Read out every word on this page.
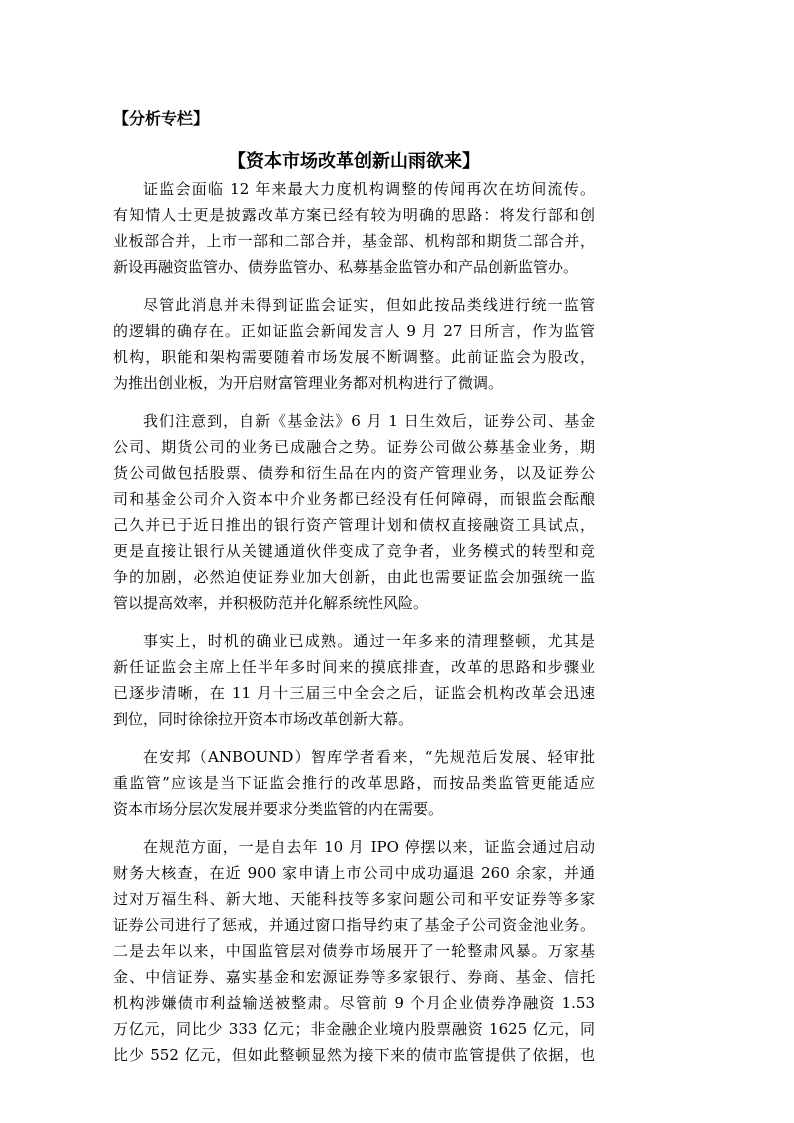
【分析专栏】
【资本市场改革创新山雨欲来】
证监会面临 12 年来最大力度机构调整的传闻再次在坊间流传。
有知情人士更是披露改革方案已经有较为明确的思路：将发行部和创
业板部合并，上市一部和二部合并，基金部、机构部和期货二部合并，
新设再融资监管办、债券监管办、私募基金监管办和产品创新监管办。
尽管此消息并未得到证监会证实，但如此按品类线进行统一监管
的逻辑的确存在。正如证监会新闻发言人 9 月 27 日所言，作为监管
机构，职能和架构需要随着市场发展不断调整。此前证监会为股改，
为推出创业板，为开启财富管理业务都对机构进行了微调。
我们注意到，自新《基金法》6 月 1 日生效后，证券公司、基金
公司、期货公司的业务已成融合之势。证券公司做公募基金业务，期
货公司做包括股票、债券和衍生品在内的资产管理业务，以及证券公
司和基金公司介入资本中介业务都已经没有任何障碍，而银监会酝酿
己久并已于近日推出的银行资产管理计划和债权直接融资工具试点，
更是直接让银行从关键通道伙伴变成了竞争者，业务模式的转型和竞
争的加剧，必然迫使证券业加大创新，由此也需要证监会加强统一监
管以提高效率，并积极防范并化解系统性风险。
事实上，时机的确业已成熟。通过一年多来的清理整顿，尤其是
新任证监会主席上任半年多时间来的摸底排查，改革的思路和步骤业
已逐步清晰，在 11 月十三届三中全会之后，证监会机构改革会迅速
到位，同时徐徐拉开资本市场改革创新大幕。
在安邦（ANBOUND）智库学者看来，“先规范后发展、轻审批
重监管”应该是当下证监会推行的改革思路，而按品类监管更能适应
资本市场分层次发展并要求分类监管的内在需要。
在规范方面，一是自去年 10 月 IPO 停摆以来，证监会通过启动
财务大核查，在近 900 家申请上市公司中成功逼退 260 余家，并通
过对万福生科、新大地、天能科技等多家问题公司和平安证券等多家
证券公司进行了惩戒，并通过窗口指导约束了基金子公司资金池业务。
二是去年以来，中国监管层对债券市场展开了一轮整肃风暴。万家基
金、中信证券、嘉实基金和宏源证券等多家银行、券商、基金、信托
机构涉嫌债市利益输送被整肃。尽管前 9 个月企业债券净融资 1.53
万亿元，同比少 333 亿元；非金融企业境内股票融资 1625 亿元，同
比少 552 亿元，但如此整顿显然为接下来的债市监管提供了依据，也
